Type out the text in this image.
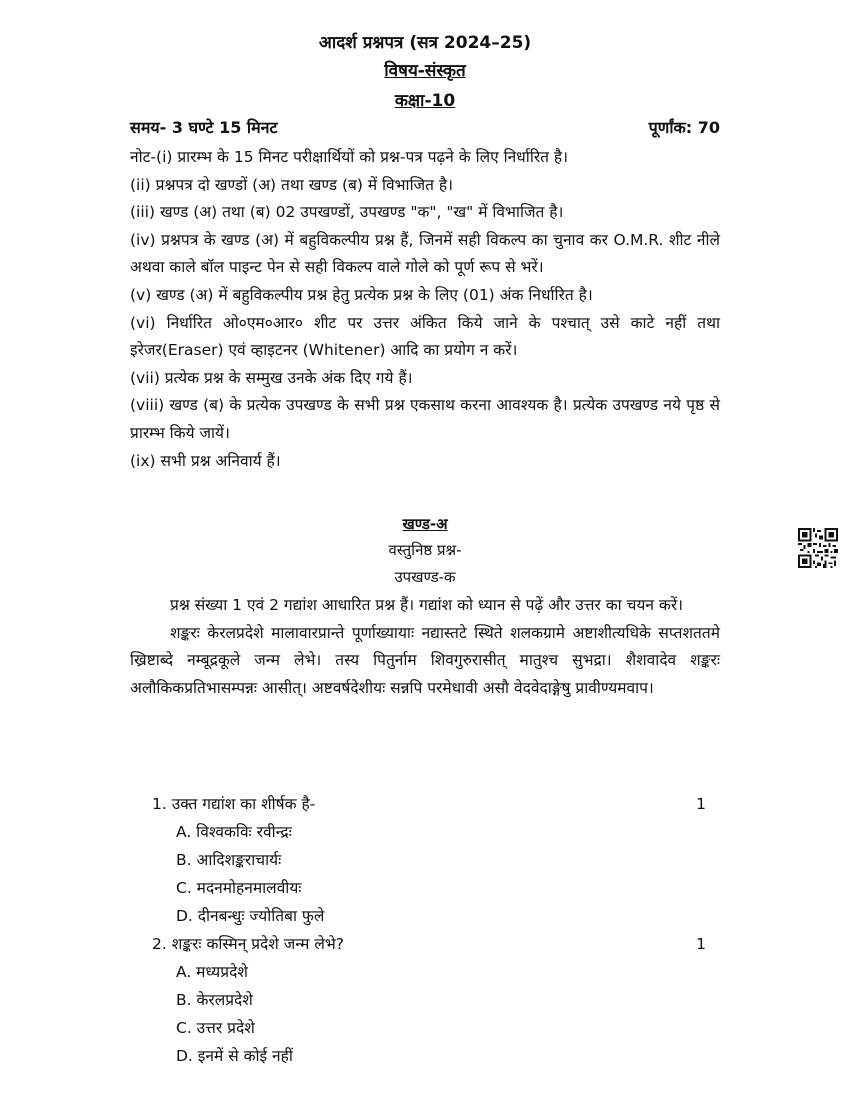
आदर्श प्रश्नपत्र (सत्र 2024–25)
विषय-संस्कृत
कक्षा-10
समय- 3 घण्टे 15 मिनट	पूर्णांक: 70

नोट-(i) प्रारम्भ के 15 मिनट परीक्षार्थियों को प्रश्न-पत्र पढ़ने के लिए निर्धारित है।

(ii) प्रश्नपत्र दो खण्डों (अ) तथा खण्ड (ब) में विभाजित है।

(iii) खण्ड (अ) तथा (ब) 02 उपखण्डों, उपखण्ड "क", "ख" में विभाजित है।

(iv) प्रश्नपत्र के खण्ड (अ) में बहुविकल्पीय प्रश्न हैं, जिनमें सही विकल्प का चुनाव कर O.M.R. शीट नीले अथवा काले बॉल पाइन्ट पेन से सही विकल्प वाले गोले को पूर्ण रूप से भरें।

(v) खण्ड (अ) में बहुविकल्पीय प्रश्न हेतु प्रत्येक प्रश्न के लिए (01) अंक निर्धारित है।

(vi) निर्धारित ओ०एम०आर० शीट पर उत्तर अंकित किये जाने के पश्चात् उसे काटे नहीं तथा इरेजर(Eraser) एवं व्हाइटनर (Whitener) आदि का प्रयोग न करें।

(vii) प्रत्येक प्रश्न के सम्मुख उनके अंक दिए गये हैं।

(viii) खण्ड (ब) के प्रत्येक उपखण्ड के सभी प्रश्न एकसाथ करना आवश्यक है। प्रत्येक उपखण्ड नये पृष्ठ से प्रारम्भ किये जायें।

(ix) सभी प्रश्न अनिवार्य हैं।

खण्ड-अ
वस्तुनिष्ठ प्रश्न-
उपखण्ड-क

प्रश्न संख्या 1 एवं 2 गद्यांश आधारित प्रश्न हैं। गद्यांश को ध्यान से पढ़ें और उत्तर का चयन करें।

शङ्करः केरलप्रदेशे मालावारप्रान्ते पूर्णाख्यायाः नद्यास्तटे स्थिते शलकग्रामे अष्टाशीत्यधिके सप्तशततमे ख्रिष्टाब्दे नम्बूद्रकूले जन्म लेभे। तस्य पितुर्नाम शिवगुरुरासीत् मातुश्च सुभद्रा। शैशवादेव शङ्करः अलौकिकप्रतिभासम्पन्नः आसीत्। अष्टवर्षदेशीयः सन्नपि परमेधावी असौ वेदवेदाङ्गेषु प्रावीण्यमवाप।

1. उक्त गद्यांश का शीर्षक है-	1
A. विश्वकविः रवीन्द्रः
B. आदिशङ्कराचार्यः
C. मदनमोहनमालवीयः
D. दीनबन्धुः ज्योतिबा फुले
2. शङ्करः कस्मिन् प्रदेशे जन्म लेभे?	1
A. मध्यप्रदेशे
B. केरलप्रदेशे
C. उत्तर प्रदेशे
D. इनमें से कोई नहीं
